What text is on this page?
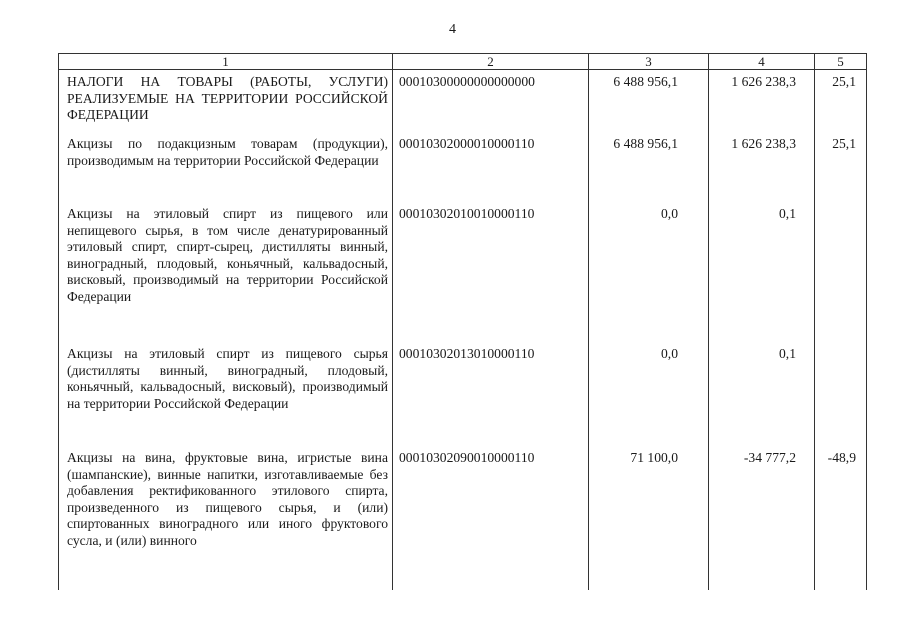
4
1	2	3	4	5
НАЛОГИ НА ТОВАРЫ (РАБОТЫ, УСЛУГИ) РЕАЛИЗУЕМЫЕ НА ТЕРРИТОРИИ РОССИЙСКОЙ ФЕДЕРАЦИИ	00010300000000000000	6 488 956,1	1 626 238,3	25,1
Акцизы по подакцизным товарам (продукции), производимым на территории Российской Федерации	00010302000010000110	6 488 956,1	1 626 238,3	25,1
Акцизы на этиловый спирт из пищевого или непищевого сырья, в том числе денатурированный этиловый спирт, спирт-сырец, дистилляты винный, виноградный, плодовый, коньячный, кальвадосный, висковый, производимый на территории Российской Федерации	00010302010010000110	0,0	0,1	
Акцизы на этиловый спирт из пищевого сырья (дистилляты винный, виноградный, плодовый, коньячный, кальвадосный, висковый), производимый на территории Российской Федерации	00010302013010000110	0,0	0,1	
Акцизы на вина, фруктовые вина, игристые вина (шампанские), винные напитки, изготавливаемые без добавления ректификованного этилового спирта, произведенного из пищевого сырья, и (или) спиртованных виноградного или иного фруктового сусла, и (или) винного	00010302090010000110	71 100,0	-34 777,2	-48,9
